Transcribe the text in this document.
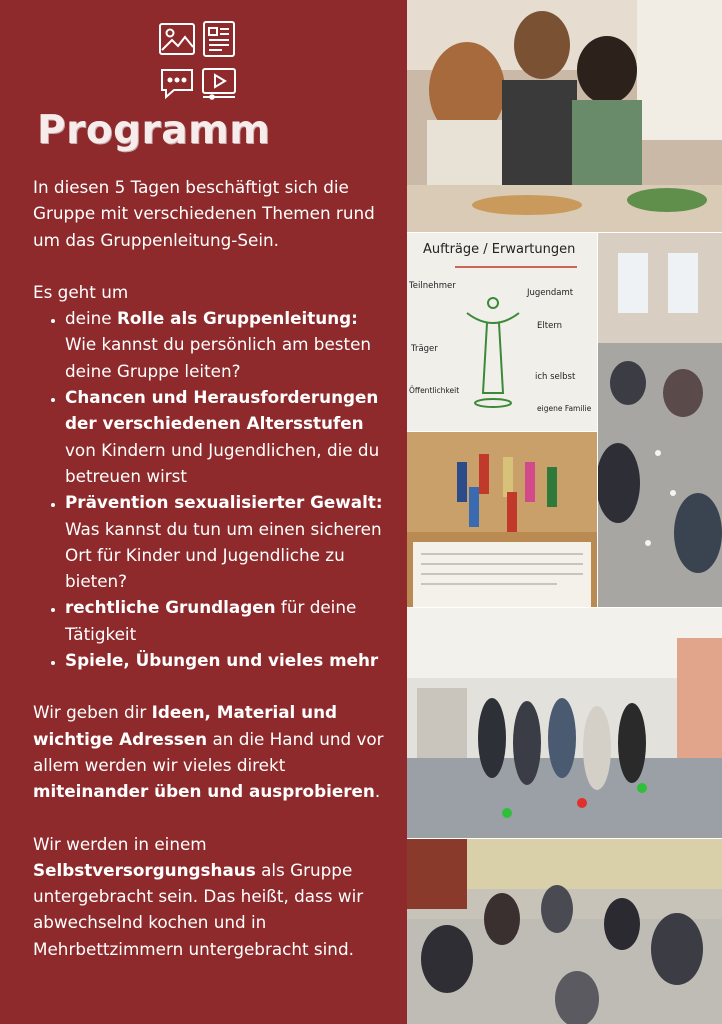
Programm

In diesen 5 Tagen beschäftigt sich die Gruppe mit verschiedenen Themen rund um das Gruppenleitung-Sein.

Es geht um

• deine Rolle als Gruppenleitung: Wie kannst du persönlich am besten deine Gruppe leiten?
• Chancen und Herausforderungen der verschiedenen Altersstufen von Kindern und Jugendlichen, die du betreuen wirst
• Prävention sexualisierter Gewalt: Was kannst du tun um einen sicheren Ort für Kinder und Jugendliche zu bieten?
• rechtliche Grundlagen für deine Tätigkeit
• Spiele, Übungen und vieles mehr

Wir geben dir Ideen, Material und wichtige Adressen an die Hand und vor allem werden wir vieles direkt miteinander üben und ausprobieren.

Wir werden in einem Selbstversorgungshaus als Gruppe untergebracht sein. Das heißt, dass wir abwechselnd kochen und in Mehrbettzimmern untergebracht sind.

Aufträge / Erwartungen
Teilnehmer
Jugendamt
Eltern
Träger
ich selbst
Öffentlichkeit
eigene Familie
